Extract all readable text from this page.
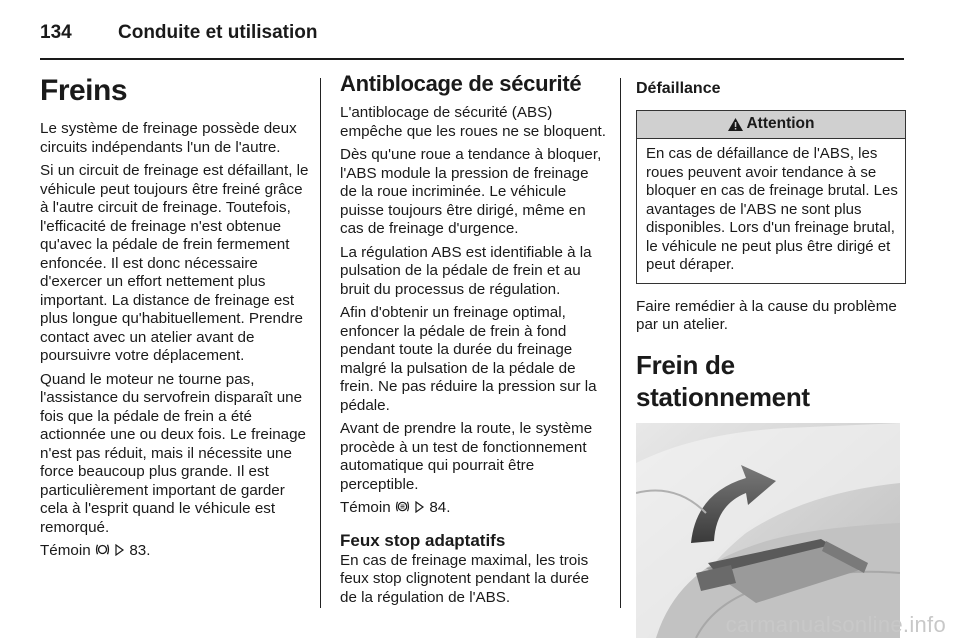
134 Conduite et utilisation
Freins

Le système de freinage possède deux circuits indépendants l'un de l'autre.

Si un circuit de freinage est défaillant, le véhicule peut toujours être freiné grâce à l'autre circuit de freinage. Toutefois, l'efficacité de freinage n'est obtenue qu'avec la pédale de frein fermement enfoncée. Il est donc nécessaire d'exercer un effort nettement plus important. La distance de freinage est plus longue qu'habituellement. Prendre contact avec un atelier avant de poursuivre votre déplacement.

Quand le moteur ne tourne pas, l'assistance du servofrein disparaît une fois que la pédale de frein a été actionnée une ou deux fois. Le freinage n'est pas réduit, mais il nécessite une force beaucoup plus grande. Il est particulièrement important de garder cela à l'esprit quand le véhicule est remorqué.

Témoin	83.

Antiblocage de sécurité

L'antiblocage de sécurité (ABS) empêche que les roues ne se bloquent.

Dès qu'une roue a tendance à bloquer, l'ABS module la pression de freinage de la roue incriminée. Le véhicule puisse toujours être dirigé, même en cas de freinage d'urgence.

La régulation ABS est identifiable à la pulsation de la pédale de frein et au bruit du processus de régulation.

Afin d'obtenir un freinage optimal, enfoncer la pédale de frein à fond pendant toute la durée du freinage malgré la pulsation de la pédale de frein. Ne pas réduire la pression sur la pédale.

Avant de prendre la route, le système procède à un test de fonctionnement automatique qui pourrait être perceptible.

Témoin	84.

Feux stop adaptatifs

En cas de freinage maximal, les trois feux stop clignotent pendant la durée de la régulation de l'ABS.

Défaillance
Attention
En cas de défaillance de l'ABS, les roues peuvent avoir tendance à se bloquer en cas de freinage brutal. Les avantages de l'ABS ne sont plus disponibles. Lors d'un freinage brutal, le véhicule ne peut plus être dirigé et peut déraper.

Faire remédier à la cause du problème par un atelier.

Frein de stationnement
carmanualsonline.info
